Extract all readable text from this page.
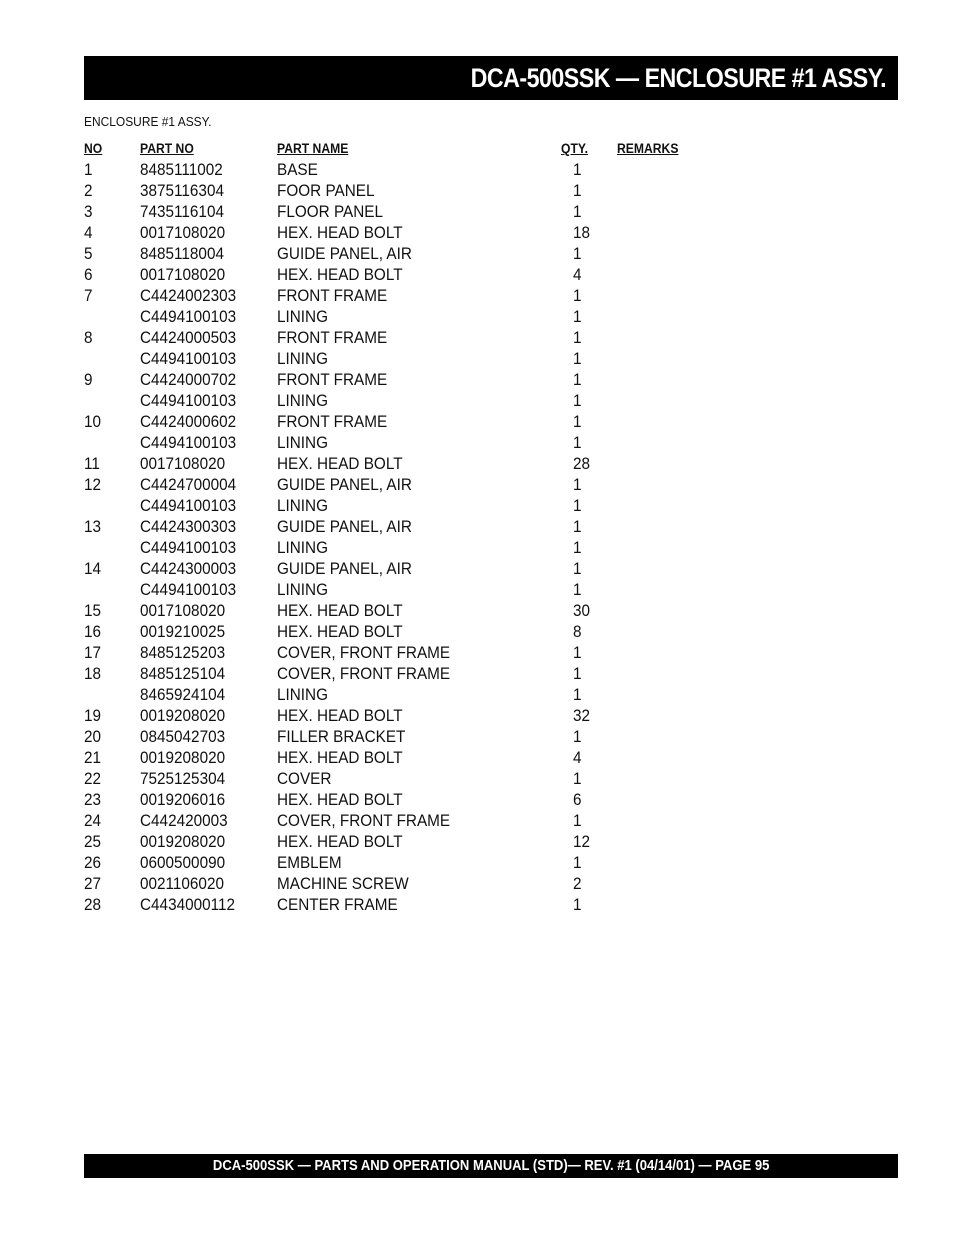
DCA-500SSK — ENCLOSURE #1 ASSY.
ENCLOSURE #1 ASSY.
NO	PART NO	PART NAME	QTY. REMARKS
1	8485111002	BASE	1
2	3875116304	FOOR PANEL	1
3	7435116104	FLOOR PANEL	1
4	0017108020	HEX. HEAD BOLT	18
5	8485118004	GUIDE PANEL, AIR	1
6	0017108020	HEX. HEAD BOLT	4
7	C4424002303 FRONT FRAME	1
C4494100103 LINING	1
8	C4424000503 FRONT FRAME	1
C4494100103 LINING	1
9	C4424000702 FRONT FRAME	1
C4494100103 LINING	1
10 C4424000602 FRONT FRAME	1
C4494100103 LINING	1
11 0017108020	HEX. HEAD BOLT	28
12 C4424700004 GUIDE PANEL, AIR	1
C4494100103 LINING	1
13 C4424300303 GUIDE PANEL, AIR	1
C4494100103 LINING	1
14 C4424300003 GUIDE PANEL, AIR	1
C4494100103 LINING	1
15 0017108020	HEX. HEAD BOLT	30
16 0019210025	HEX. HEAD BOLT	8
17 8485125203	COVER, FRONT FRAME	1
18 8485125104	COVER, FRONT FRAME	1
8465924104	LINING	1
19 0019208020	HEX. HEAD BOLT	32
20 0845042703	FILLER BRACKET	1
21 0019208020	HEX. HEAD BOLT	4
22 7525125304	COVER	1
23 0019206016	HEX. HEAD BOLT	6
24 C442420003	COVER, FRONT FRAME	1
25 0019208020	HEX. HEAD BOLT	12
26 0600500090	EMBLEM	1
27 0021106020	MACHINE SCREW	2
28 C4434000112 CENTER FRAME	1
DCA-500SSK — PARTS AND OPERATION MANUAL (STD)— REV. #1 (04/14/01) — PAGE 95
